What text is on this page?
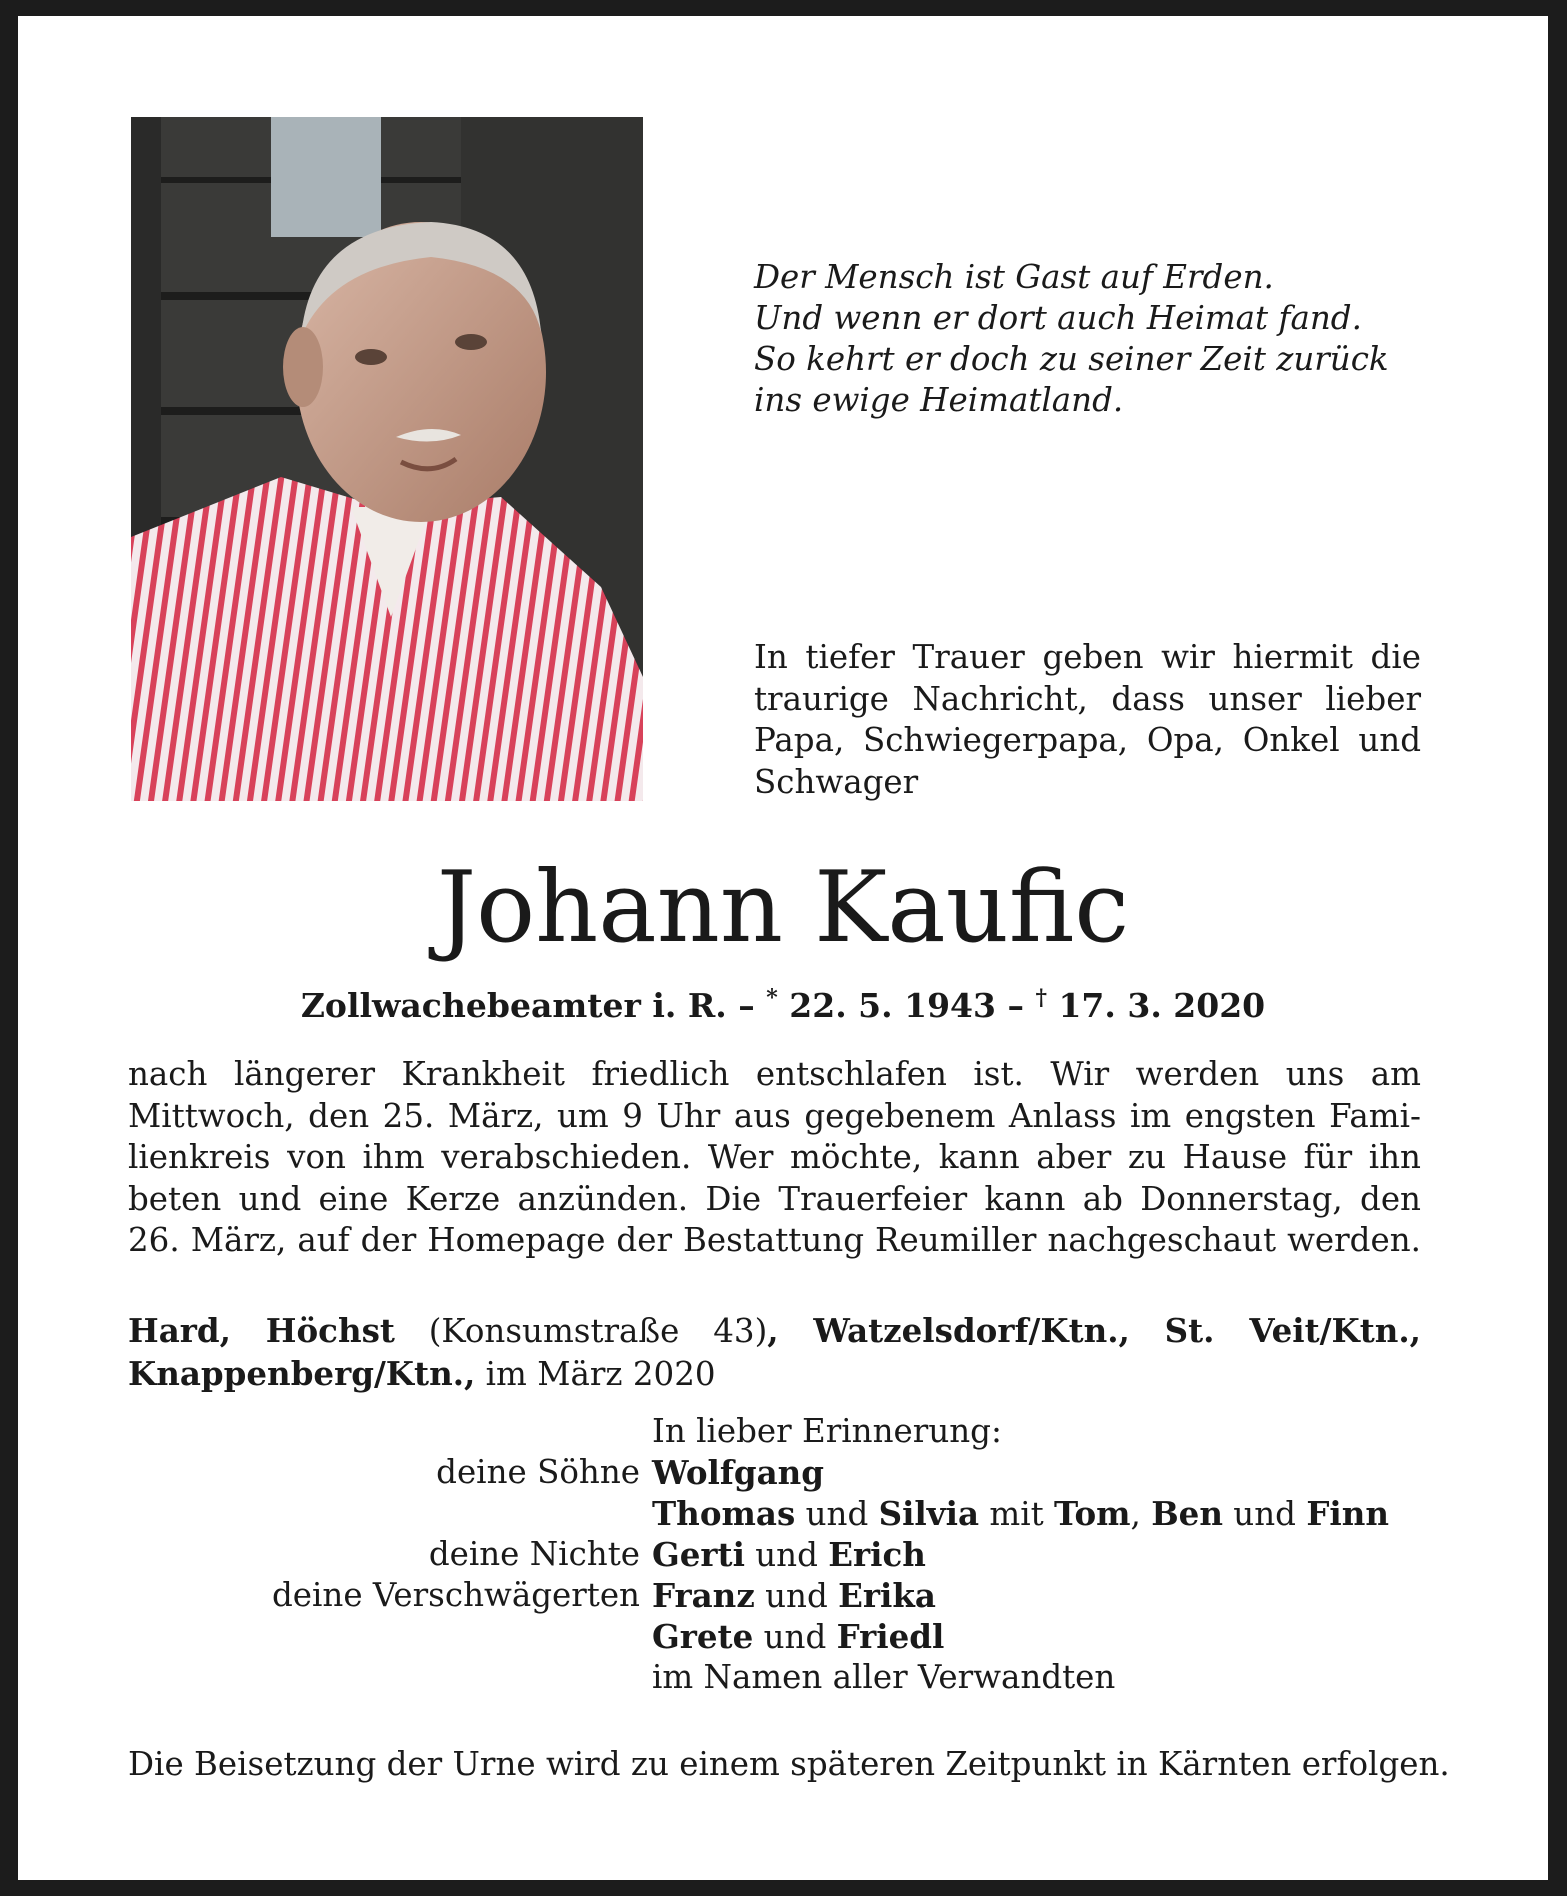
Der Mensch ist Gast auf Erden.
Und wenn er dort auch Heimat fand.
So kehrt er doch zu seiner Zeit zurück
ins ewige Heimatland.
In tiefer Trauer geben wir hiermit die
traurige Nachricht, dass unser lieber
Papa, Schwiegerpapa, Opa, Onkel und
Schwager
Johann Kaufic
Zollwachebeamter i. R. – * 22. 5. 1943 – † 17. 3. 2020
nach längerer Krankheit friedlich entschlafen ist. Wir werden uns am
Mittwoch, den 25. März, um 9 Uhr aus gegebenem Anlass im engsten Fami-
lienkreis von ihm verabschieden. Wer möchte, kann aber zu Hause für ihn
beten und eine Kerze anzünden. Die Trauerfeier kann ab Donnerstag, den
26. März, auf der Homepage der Bestattung Reumiller nachgeschaut werden.
Hard, Höchst (Konsumstraße 43), Watzelsdorf/Ktn., St. Veit/Ktn.,
Knappenberg/Ktn., im März 2020
In lieber Erinnerung:
deine Söhne Wolfgang
Thomas und Silvia mit Tom, Ben und Finn
deine Nichte Gerti und Erich
deine Verschwägerten Franz und Erika
Grete und Friedl
im Namen aller Verwandten
Die Beisetzung der Urne wird zu einem späteren Zeitpunkt in Kärnten erfolgen.
